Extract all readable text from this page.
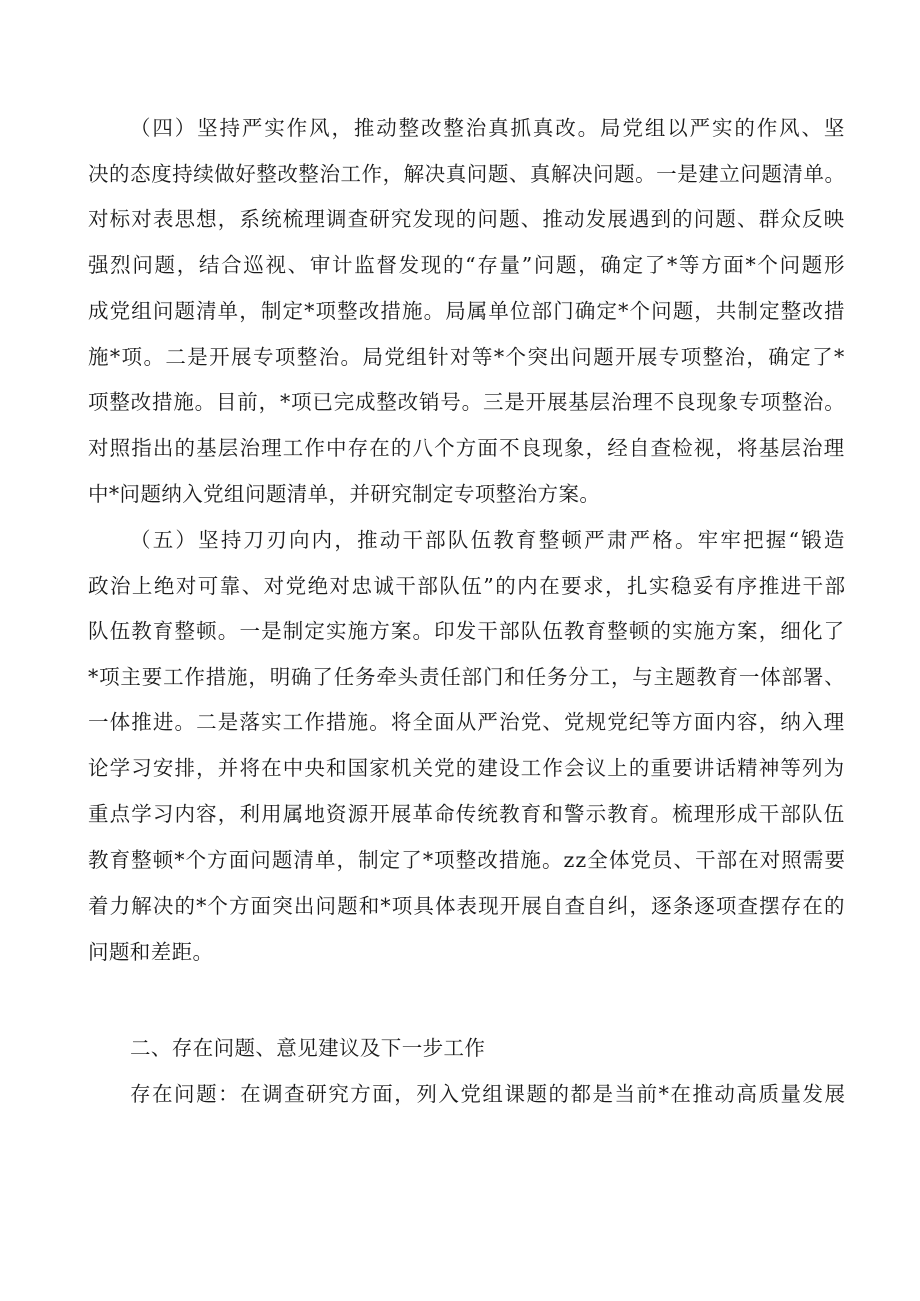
（四）坚持严实作风，推动整改整治真抓真改。局党组以严实的作风、坚
决的态度持续做好整改整治工作，解决真问题、真解决问题。一是建立问题清单。
对标对表思想，系统梳理调查研究发现的问题、推动发展遇到的问题、群众反映
强烈问题，结合巡视、审计监督发现的“存量”问题，确定了*等方面*个问题形
成党组问题清单，制定*项整改措施。局属单位部门确定*个问题，共制定整改措
施*项。二是开展专项整治。局党组针对等*个突出问题开展专项整治，确定了*
项整改措施。目前，*项已完成整改销号。三是开展基层治理不良现象专项整治。
对照指出的基层治理工作中存在的八个方面不良现象，经自查检视，将基层治理
中*问题纳入党组问题清单，并研究制定专项整治方案。
（五）坚持刀刃向内，推动干部队伍教育整顿严肃严格。牢牢把握“锻造
政治上绝对可靠、对党绝对忠诚干部队伍”的内在要求，扎实稳妥有序推进干部
队伍教育整顿。一是制定实施方案。印发干部队伍教育整顿的实施方案，细化了
*项主要工作措施，明确了任务牵头责任部门和任务分工，与主题教育一体部署、
一体推进。二是落实工作措施。将全面从严治党、党规党纪等方面内容，纳入理
论学习安排，并将在中央和国家机关党的建设工作会议上的重要讲话精神等列为
重点学习内容，利用属地资源开展革命传统教育和警示教育。梳理形成干部队伍
教育整顿*个方面问题清单，制定了*项整改措施。zz全体党员、干部在对照需要
着力解决的*个方面突出问题和*项具体表现开展自查自纠，逐条逐项查摆存在的
问题和差距。
二、存在问题、意见建议及下一步工作
存在问题：在调查研究方面，列入党组课题的都是当前*在推动高质量发展
